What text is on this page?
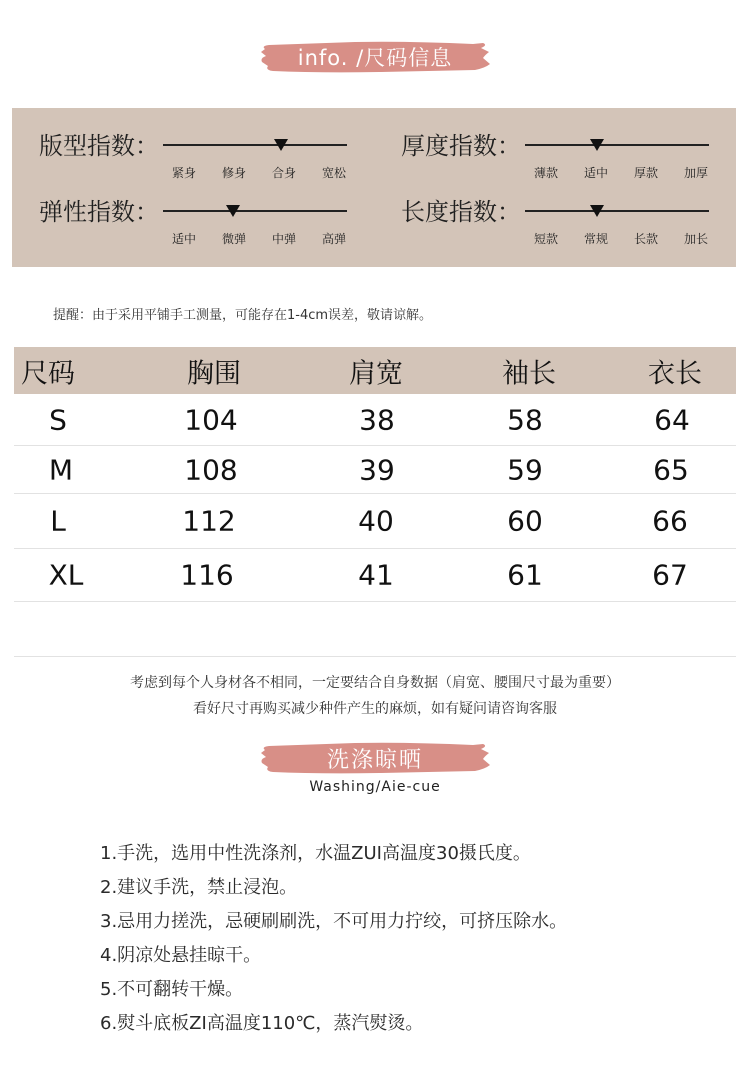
info. /尺码信息
版型指数：
紧身 修身 合身 宽松
弹性指数：
适中 微弹 中弹 高弹
厚度指数：
薄款 适中 厚款 加厚
长度指数：
短款 常规 长款 加长
提醒：由于采用平铺手工测量，可能存在1-4cm误差，敬请谅解。
尺码	胸围	肩宽	袖长	衣长
S	104	38	58	64
M	108	39	59	65
L	112	40	60	66
XL	116	41	61	67
考虑到每个人身材各不相同，一定要结合自身数据（肩宽、腰围尺寸最为重要）
看好尺寸再购买减少种件产生的麻烦，如有疑问请咨询客服
洗涤晾晒
Washing/Aie-cue
1.手洗，选用中性洗涤剂，水温ZUI高温度30摄氏度。
2.建议手洗，禁止浸泡。
3.忌用力搓洗，忌硬刷刷洗，不可用力拧绞，可挤压除水。
4.阴凉处悬挂晾干。
5.不可翻转干燥。
6.熨斗底板ZI高温度110℃，蒸汽熨烫。
